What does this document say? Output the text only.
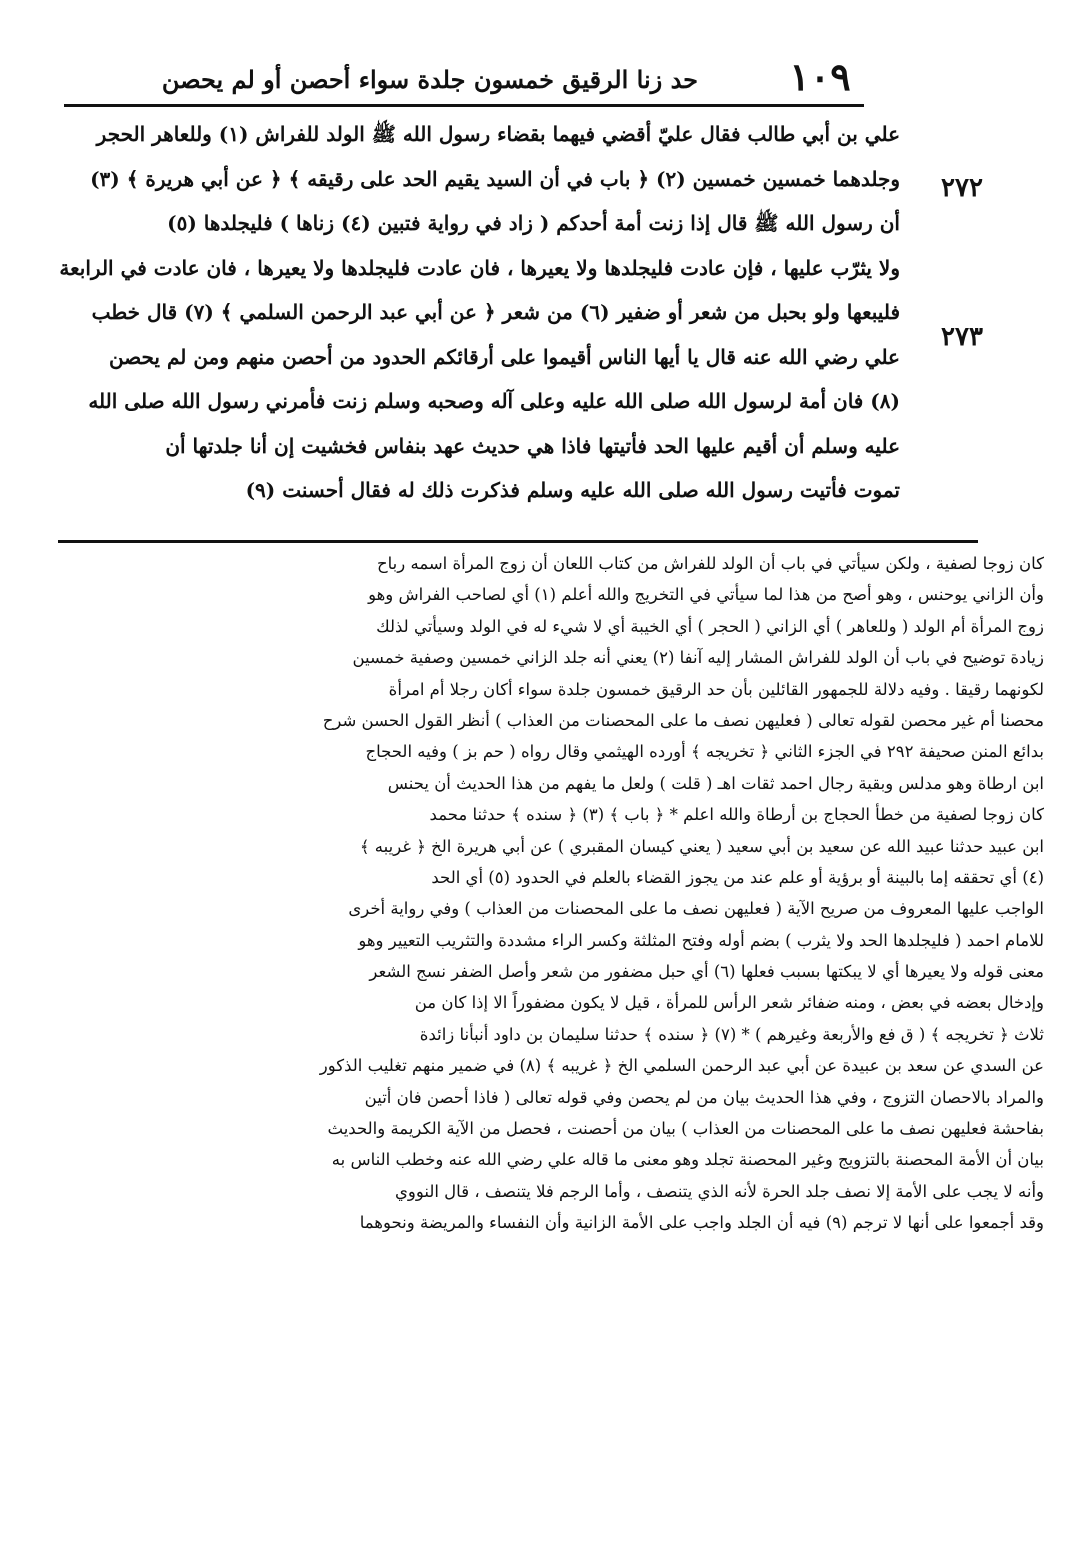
حد زنا الرقيق خمسون جلدة سواء أحصن أو لم يحصن ١٠٩
٢٧٢
٢٧٣
علي بن أبي طالب فقال عليّ أقضي فيهما بقضاء رسول الله ﷺ الولد للفراش (١) وللعاهر الحجر
وجلدهما خمسين خمسين (٢) ﴿ باب في أن السيد يقيم الحد على رقيقه ﴾ ﴿ عن أبي هريرة ﴾ (٣)
أن رسول الله ﷺ قال إذا زنت أمة أحدكم ( زاد في رواية فتبين (٤) زناها ) فليجلدها (٥)
ولا يثرّب عليها ، فإن عادت فليجلدها ولا يعيرها ، فان عادت فليجلدها ولا يعيرها ، فان عادت في الرابعة
فليبعها ولو بحبل من شعر أو ضفير (٦) من شعر ﴿ عن أبي عبد الرحمن السلمي ﴾ (٧) قال خطب
علي رضي الله عنه قال يا أيها الناس أقيموا على أرقائكم الحدود من أحصن منهم ومن لم يحصن
(٨) فان أمة لرسول الله صلى الله عليه وعلى آله وصحبه وسلم زنت فأمرني رسول الله صلى الله
عليه وسلم أن أقيم عليها الحد فأتيتها فاذا هي حديث عهد بنفاس فخشيت إن أنا جلدتها أن
تموت فأتيت رسول الله صلى الله عليه وسلم فذكرت ذلك له فقال أحسنت (٩)
كان زوجا لصفية ، ولكن سيأتي في باب أن الولد للفراش من كتاب اللعان أن زوج المرأة اسمه رباح
وأن الزاني يوحنس ، وهو أصح من هذا لما سيأتي في التخريج والله أعلم (١) أي لصاحب الفراش وهو
زوج المرأة أم الولد ( وللعاهر ) أي الزاني ( الحجر ) أي الخيبة أي لا شيء له في الولد وسيأتي لذلك
زيادة توضيح في باب أن الولد للفراش المشار إليه آنفا (٢) يعني أنه جلد الزاني خمسين وصفية خمسين
لكونهما رقيقا . وفيه دلالة للجمهور القائلين بأن حد الرقيق خمسون جلدة سواء أكان رجلا أم امرأة
محصنا أم غير محصن لقوله تعالى ( فعليهن نصف ما على المحصنات من العذاب ) أنظر القول الحسن شرح
بدائع المنن صحيفة ٢٩٢ في الجزء الثاني ﴿ تخريجه ﴾ أورده الهيثمي وقال رواه ( حم بز ) وفيه الحجاج
ابن ارطاة وهو مدلس وبقية رجال احمد ثقات اهـ ( قلت ) ولعل ما يفهم من هذا الحديث أن يحنس
كان زوجا لصفية من خطأ الحجاج بن أرطاة والله اعلم * ﴿ باب ﴾ (٣) ﴿ سنده ﴾ حدثنا محمد
ابن عبيد حدثنا عبيد الله عن سعيد بن أبي سعيد ( يعني كيسان المقبري ) عن أبي هريرة الخ ﴿ غريبه ﴾
(٤) أي تحققه إما بالبينة أو برؤية أو علم عند من يجوز القضاء بالعلم في الحدود (٥) أي الحد
الواجب عليها المعروف من صريح الآية ( فعليهن نصف ما على المحصنات من العذاب ) وفي رواية أخرى
للامام احمد ( فليجلدها الحد ولا يثرب ) بضم أوله وفتح المثلثة وكسر الراء مشددة والتثريب التعيير وهو
معنى قوله ولا يعيرها أي لا يبكتها بسبب فعلها (٦) أي حبل مضفور من شعر وأصل الضفر نسج الشعر
وإدخال بعضه في بعض ، ومنه ضفائر شعر الرأس للمرأة ، قيل لا يكون مضفوراً الا إذا كان من
ثلاث ﴿ تخريجه ﴾ ( ق فع والأربعة وغيرهم ) * (٧) ﴿ سنده ﴾ حدثنا سليمان بن داود أنبأنا زائدة
عن السدي عن سعد بن عبيدة عن أبي عبد الرحمن السلمي الخ ﴿ غريبه ﴾ (٨) في ضمير منهم تغليب الذكور
والمراد بالاحصان التزوج ، وفي هذا الحديث بيان من لم يحصن وفي قوله تعالى ( فاذا أحصن فان أتين
بفاحشة فعليهن نصف ما على المحصنات من العذاب ) بيان من أحصنت ، فحصل من الآية الكريمة والحديث
بيان أن الأمة المحصنة بالتزويج وغير المحصنة تجلد وهو معنى ما قاله علي رضي الله عنه وخطب الناس به
وأنه لا يجب على الأمة إلا نصف جلد الحرة لأنه الذي يتنصف ، وأما الرجم فلا يتنصف ، قال النووي
وقد أجمعوا على أنها لا ترجم (٩) فيه أن الجلد واجب على الأمة الزانية وأن النفساء والمريضة ونحوهما
